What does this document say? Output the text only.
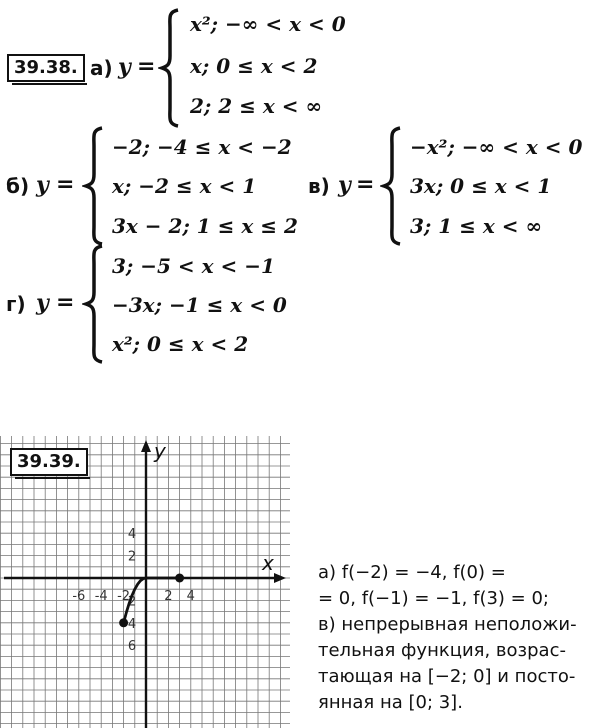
39.38. а) y =
x²; −∞ < x < 0
x; 0 ≤ x < 2
2; 2 ≤ x < ∞
б) y =
−2; −4 ≤ x < −2
x; −2 ≤ x < 1
3x − 2; 1 ≤ x ≤ 2
в) y =
−x²; −∞ < x < 0
3x; 0 ≤ x < 1
3; 1 ≤ x < ∞
г) y =
3; −5 < x < −1
−3x; −1 ≤ x < 0
x²; 0 ≤ x < 2
-6 -4 -2	2 4
4
2
2
4
6
x
y
39.39.
а) f(−2) = −4, f(0) =
= 0, f(−1) = −1, f(3) = 0;
в) непрерывная неположи-
тельная функция, возрас-
тающая на [−2; 0] и посто-
янная на [0; 3].
